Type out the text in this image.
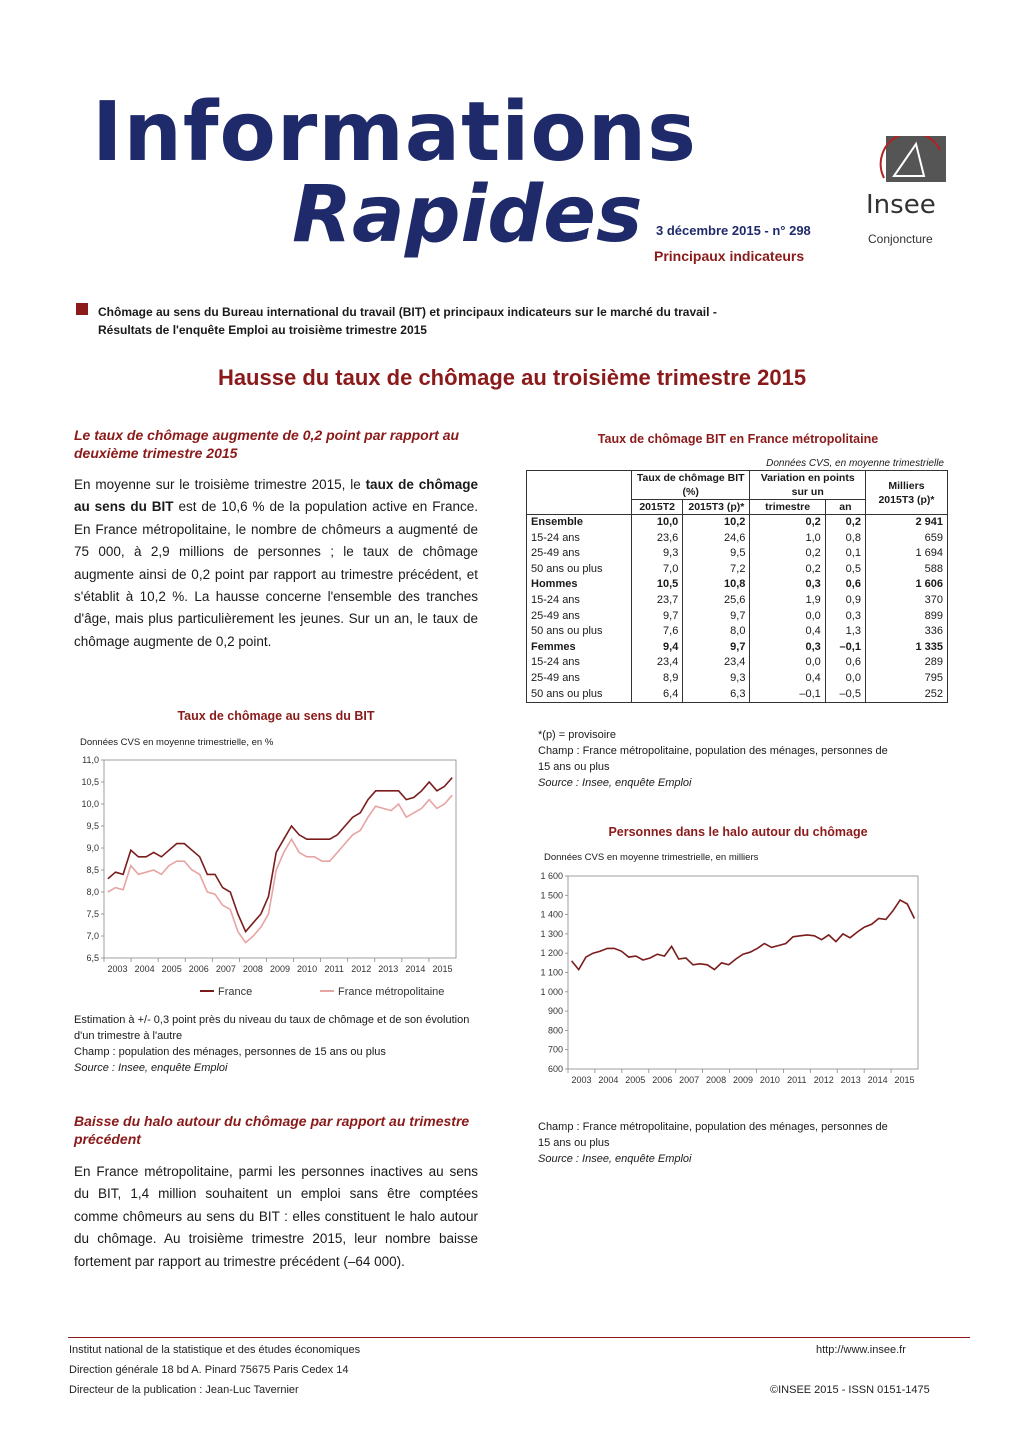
Informations
Rapides 3 décembre 2015 - n° 298
Principaux indicateurs
Insee
Conjoncture
Chômage au sens du Bureau international du travail (BIT) et principaux indicateurs sur le marché du travail -
Résultats de l'enquête Emploi au troisième trimestre 2015
Hausse du taux de chômage au troisième trimestre 2015
Le taux de chômage augmente de 0,2 point par rapport au deuxième trimestre 2015
En moyenne sur le troisième trimestre 2015, le taux de chômage au sens du BIT est de 10,6 % de la population active en France. En France métropolitaine, le nombre de chômeurs a augmenté de 75 000, à 2,9 millions de personnes ; le taux de chômage augmente ainsi de 0,2 point par rapport au trimestre précédent, et s'établit à 10,2 %. La hausse concerne l'ensemble des tranches d'âge, mais plus particulièrement les jeunes. Sur un an, le taux de chômage augmente de 0,2 point.
Taux de chômage au sens du BIT
Données CVS en moyenne trimestrielle, en %
6,5
7,0
7,5
8,0
8,5
9,0
9,5
10,0
10,5
11,0
2003 2004 2005 2006 2007 2008 2009 2010 2011 2012 2013 2014 2015
France	France métropolitaine
Estimation à +/- 0,3 point près du niveau du taux de chômage et de son évolution d'un trimestre à l'autre
Champ : population des ménages, personnes de 15 ans ou plus
Source : Insee, enquête Emploi
Baisse du halo autour du chômage par rapport au trimestre précédent
En France métropolitaine, parmi les personnes inactives au sens du BIT, 1,4 million souhaitent un emploi sans être comptées comme chômeurs au sens du BIT : elles constituent le halo autour du chômage. Au troisième trimestre 2015, leur nombre baisse fortement par rapport au trimestre précédent (–64 000).
Taux de chômage BIT en France métropolitaine
Données CVS, en moyenne trimestrielle
	Taux de chômage BIT (%)		Variation en points sur un		Milliers 2015T3 (p)*
	2015T2	2015T3 (p)*	trimestre	an	
Ensemble	10,0	10,2	0,2	0,2	2 941
15-24 ans	23,6	24,6	1,0	0,8	659
25-49 ans	9,3	9,5	0,2	0,1	1 694
50 ans ou plus	7,0	7,2	0,2	0,5	588
Hommes	10,5	10,8	0,3	0,6	1 606
15-24 ans	23,7	25,6	1,9	0,9	370
25-49 ans	9,7	9,7	0,0	0,3	899
50 ans ou plus	7,6	8,0	0,4	1,3	336
Femmes	9,4	9,7	0,3	–0,1	1 335
15-24 ans	23,4	23,4	0,0	0,6	289
25-49 ans	8,9	9,3	0,4	0,0	795
50 ans ou plus	6,4	6,3	–0,1	–0,5	252
*(p) = provisoire
Champ : France métropolitaine, population des ménages, personnes de 15 ans ou plus
Source : Insee, enquête Emploi
Personnes dans le halo autour du chômage
Données CVS en moyenne trimestrielle, en milliers
600
700
800
900
1 000
1 100
1 200
1 300
1 400
1 500
1 600
2003 2004 2005 2006 2007 2008 2009 2010 2011 2012 2013 2014 2015
Champ : France métropolitaine, population des ménages, personnes de 15 ans ou plus
Source : Insee, enquête Emploi
Institut national de la statistique et des études économiques
Direction générale 18 bd A. Pinard 75675 Paris Cedex 14
Directeur de la publication : Jean-Luc Tavernier
http://www.insee.fr
©INSEE 2015 - ISSN 0151-1475
